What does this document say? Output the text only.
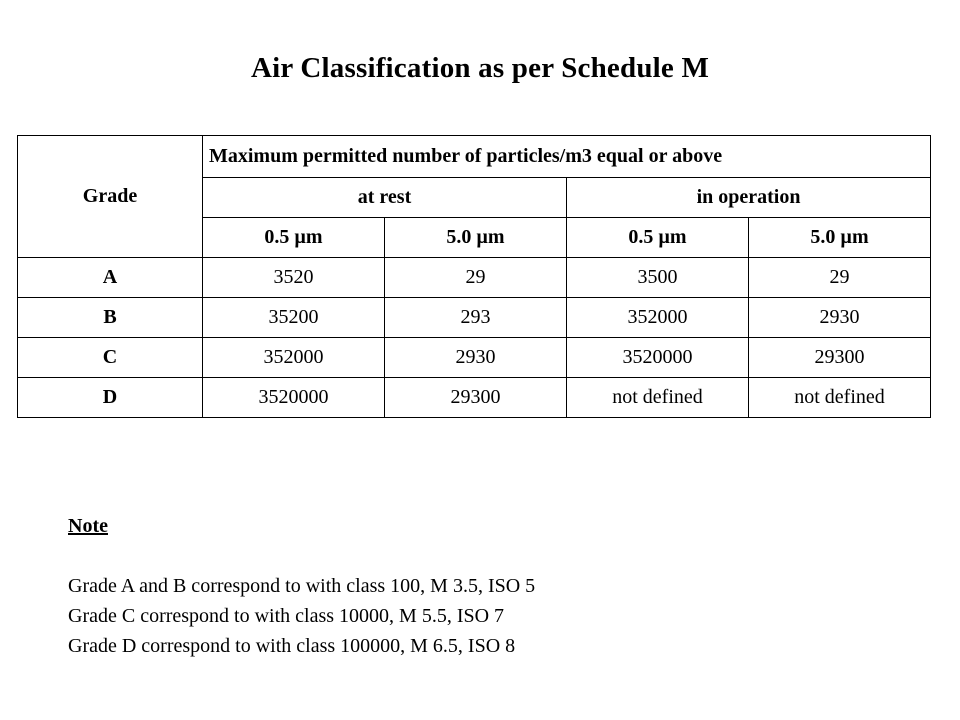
Air Classification as per Schedule M
Grade	Maximum permitted number of particles/m3 equal or above			
	at rest		in operation	
	0.5 µm	5.0 µm	0.5 µm	5.0 µm
A	3520	29	3500	29
B	35200	293	352000	2930
C	352000	2930	3520000	29300
D	3520000	29300	not defined	not defined
Note
Grade A and B correspond to with class 100, M 3.5, ISO 5
Grade C correspond to with class 10000, M 5.5, ISO 7
Grade D correspond to with class 100000, M 6.5, ISO 8
